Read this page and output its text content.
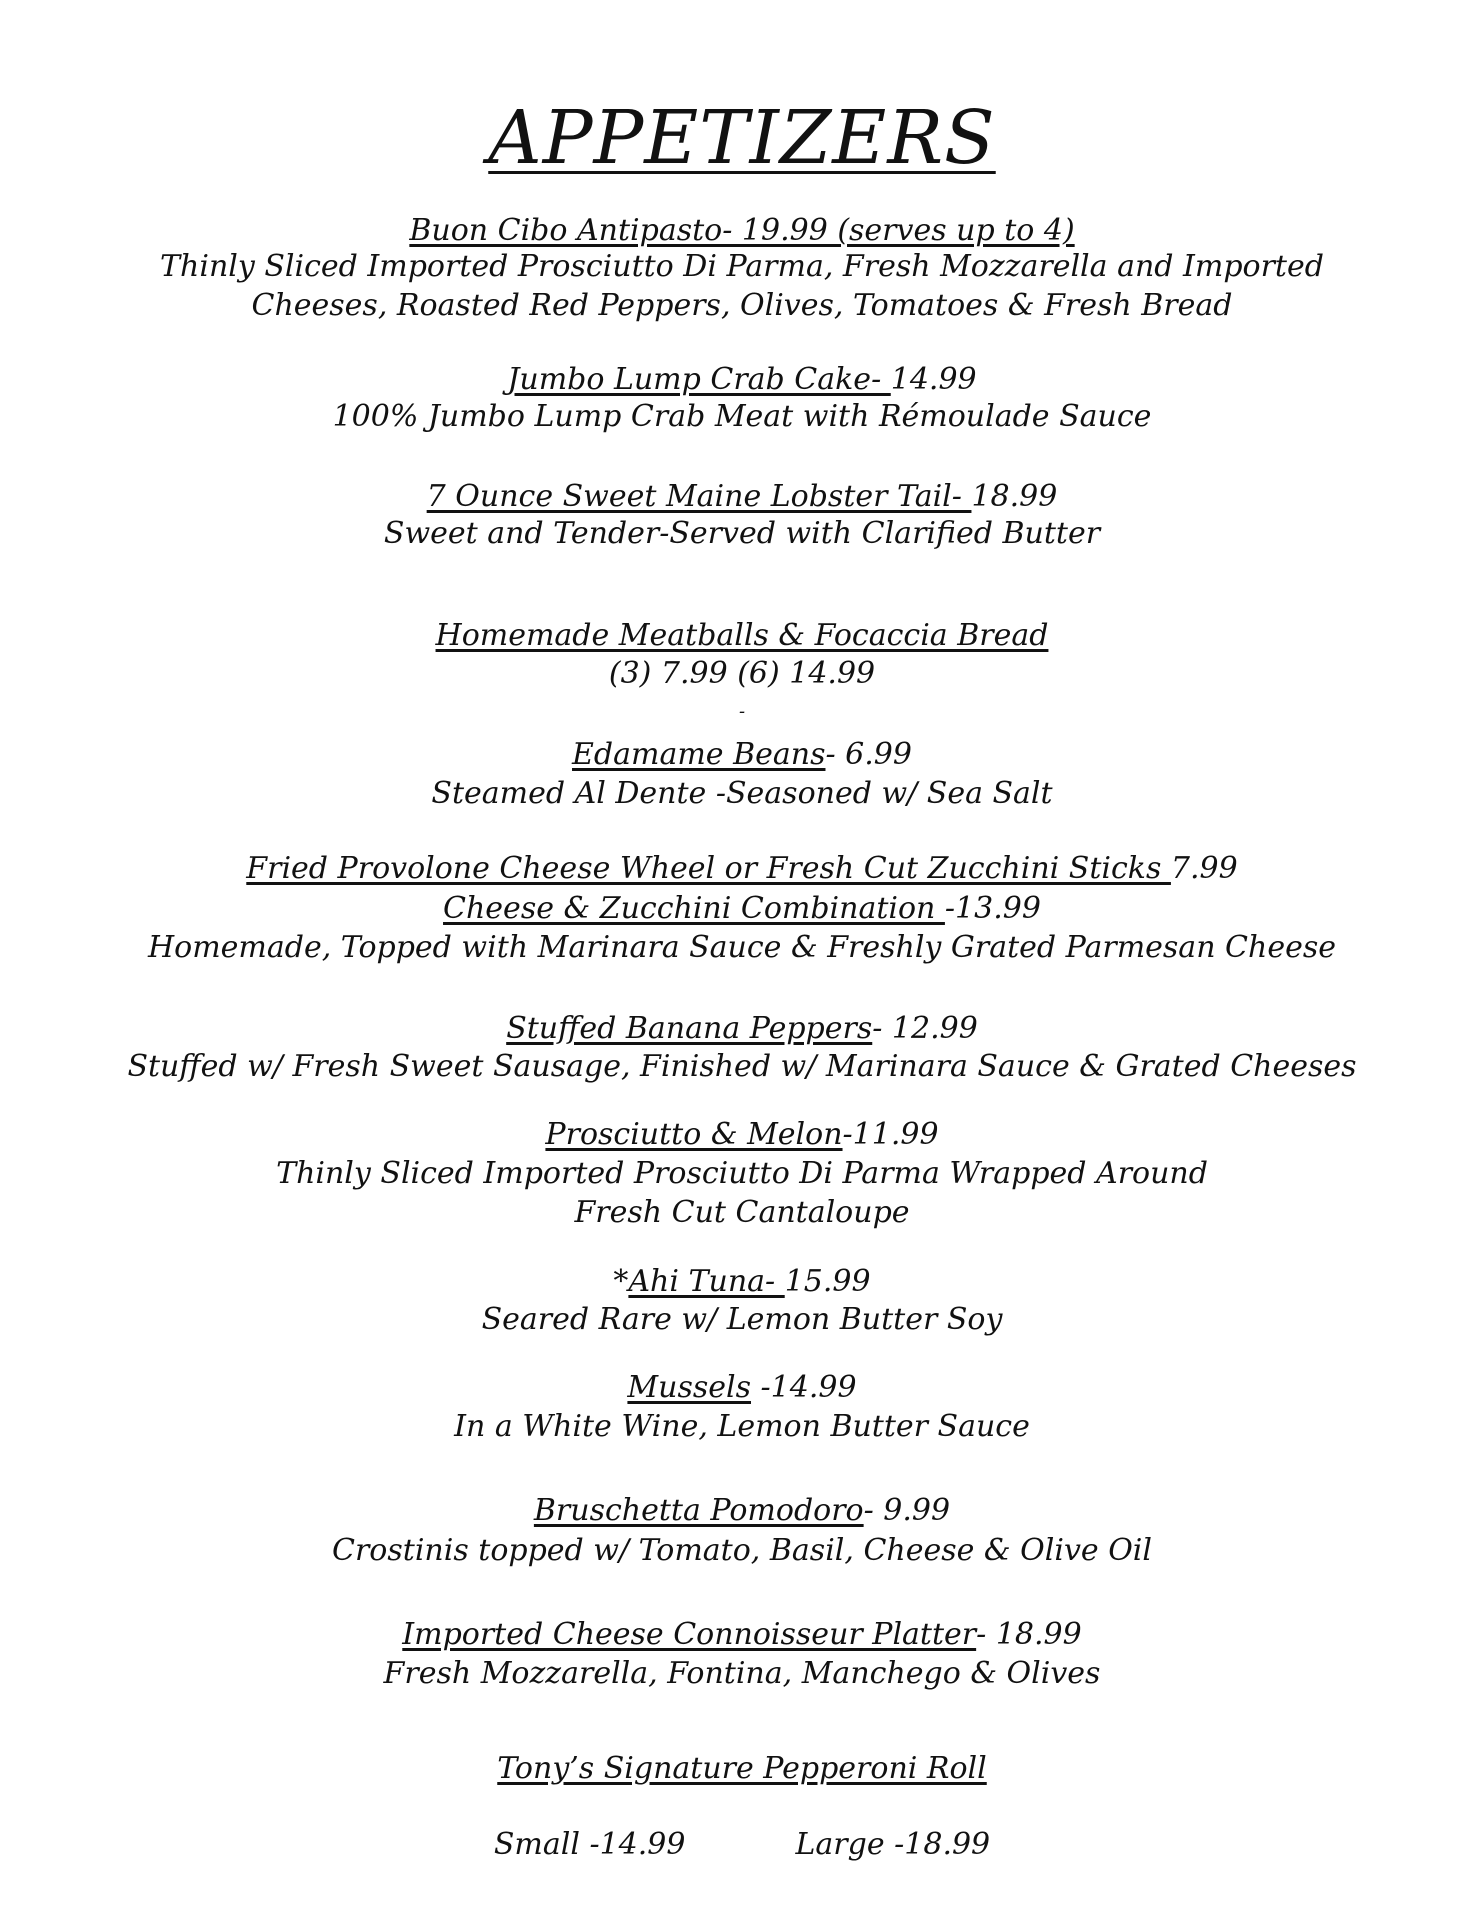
APPETIZERS
Buon Cibo Antipasto- 19.99 (serves up to 4)
Thinly Sliced Imported Prosciutto Di Parma, Fresh Mozzarella and Imported
Cheeses, Roasted Red Peppers, Olives, Tomatoes & Fresh Bread
Jumbo Lump Crab Cake- 14.99
100% Jumbo Lump Crab Meat with Rémoulade Sauce
7 Ounce Sweet Maine Lobster Tail- 18.99
Sweet and Tender-Served with Clarified Butter
Homemade Meatballs & Focaccia Bread
(3) 7.99 (6) 14.99
-
Edamame Beans- 6.99
Steamed Al Dente -Seasoned w/ Sea Salt
Fried Provolone Cheese Wheel or Fresh Cut Zucchini Sticks 7.99
Cheese & Zucchini Combination -13.99
Homemade, Topped with Marinara Sauce & Freshly Grated Parmesan Cheese
Stuffed Banana Peppers- 12.99
Stuffed w/ Fresh Sweet Sausage, Finished w/ Marinara Sauce & Grated Cheeses
Prosciutto & Melon-11.99
Thinly Sliced Imported Prosciutto Di Parma Wrapped Around
Fresh Cut Cantaloupe
*Ahi Tuna- 15.99
Seared Rare w/ Lemon Butter Soy
Mussels -14.99
In a White Wine, Lemon Butter Sauce
Bruschetta Pomodoro- 9.99
Crostinis topped w/ Tomato, Basil, Cheese & Olive Oil
Imported Cheese Connoisseur Platter- 18.99
Fresh Mozzarella, Fontina, Manchego & Olives
Tony’s Signature Pepperoni Roll
Small -14.99	Large -18.99
